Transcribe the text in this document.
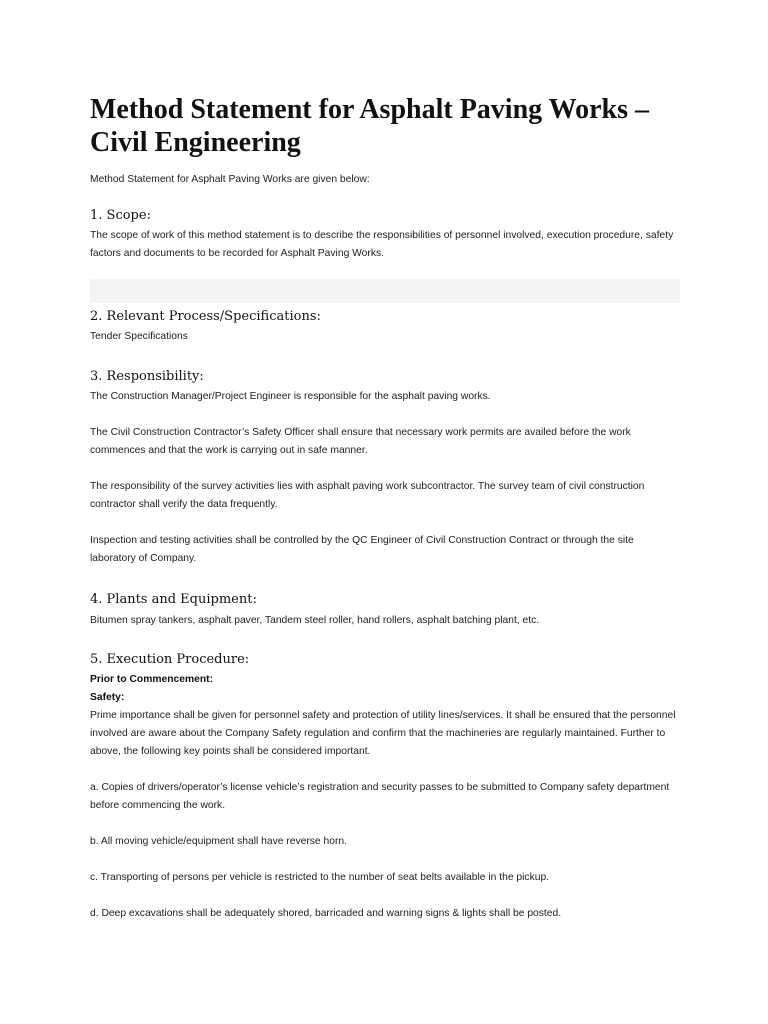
Method Statement for Asphalt Paving Works – Civil Engineering

Method Statement for Asphalt Paving Works are given below:

1. Scope:

The scope of work of this method statement is to describe the responsibilities of personnel involved, execution procedure, safety factors and documents to be recorded for Asphalt Paving Works.

2. Relevant Process/Specifications:

Tender Specifications

3. Responsibility:

The Construction Manager/Project Engineer is responsible for the asphalt paving works.

The Civil Construction Contractor’s Safety Officer shall ensure that necessary work permits are availed before the work commences and that the work is carrying out in safe manner.

The responsibility of the survey activities lies with asphalt paving work subcontractor. The survey team of civil construction contractor shall verify the data frequently.

Inspection and testing activities shall be controlled by the QC Engineer of Civil Construction Contract or through the site laboratory of Company.

4. Plants and Equipment:

Bitumen spray tankers, asphalt paver, Tandem steel roller, hand rollers, asphalt batching plant, etc.

5. Execution Procedure:

Prior to Commencement:

Safety:

Prime importance shall be given for personnel safety and protection of utility lines/services. It shall be ensured that the personnel involved are aware about the Company Safety regulation and confirm that the machineries are regularly maintained. Further to above, the following key points shall be considered important.

a. Copies of drivers/operator’s license vehicle’s registration and security passes to be submitted to Company safety department before commencing the work.

b. All moving vehicle/equipment shall have reverse horn.

c. Transporting of persons per vehicle is restricted to the number of seat belts available in the pickup.

d. Deep excavations shall be adequately shored, barricaded and warning signs & lights shall be posted.
